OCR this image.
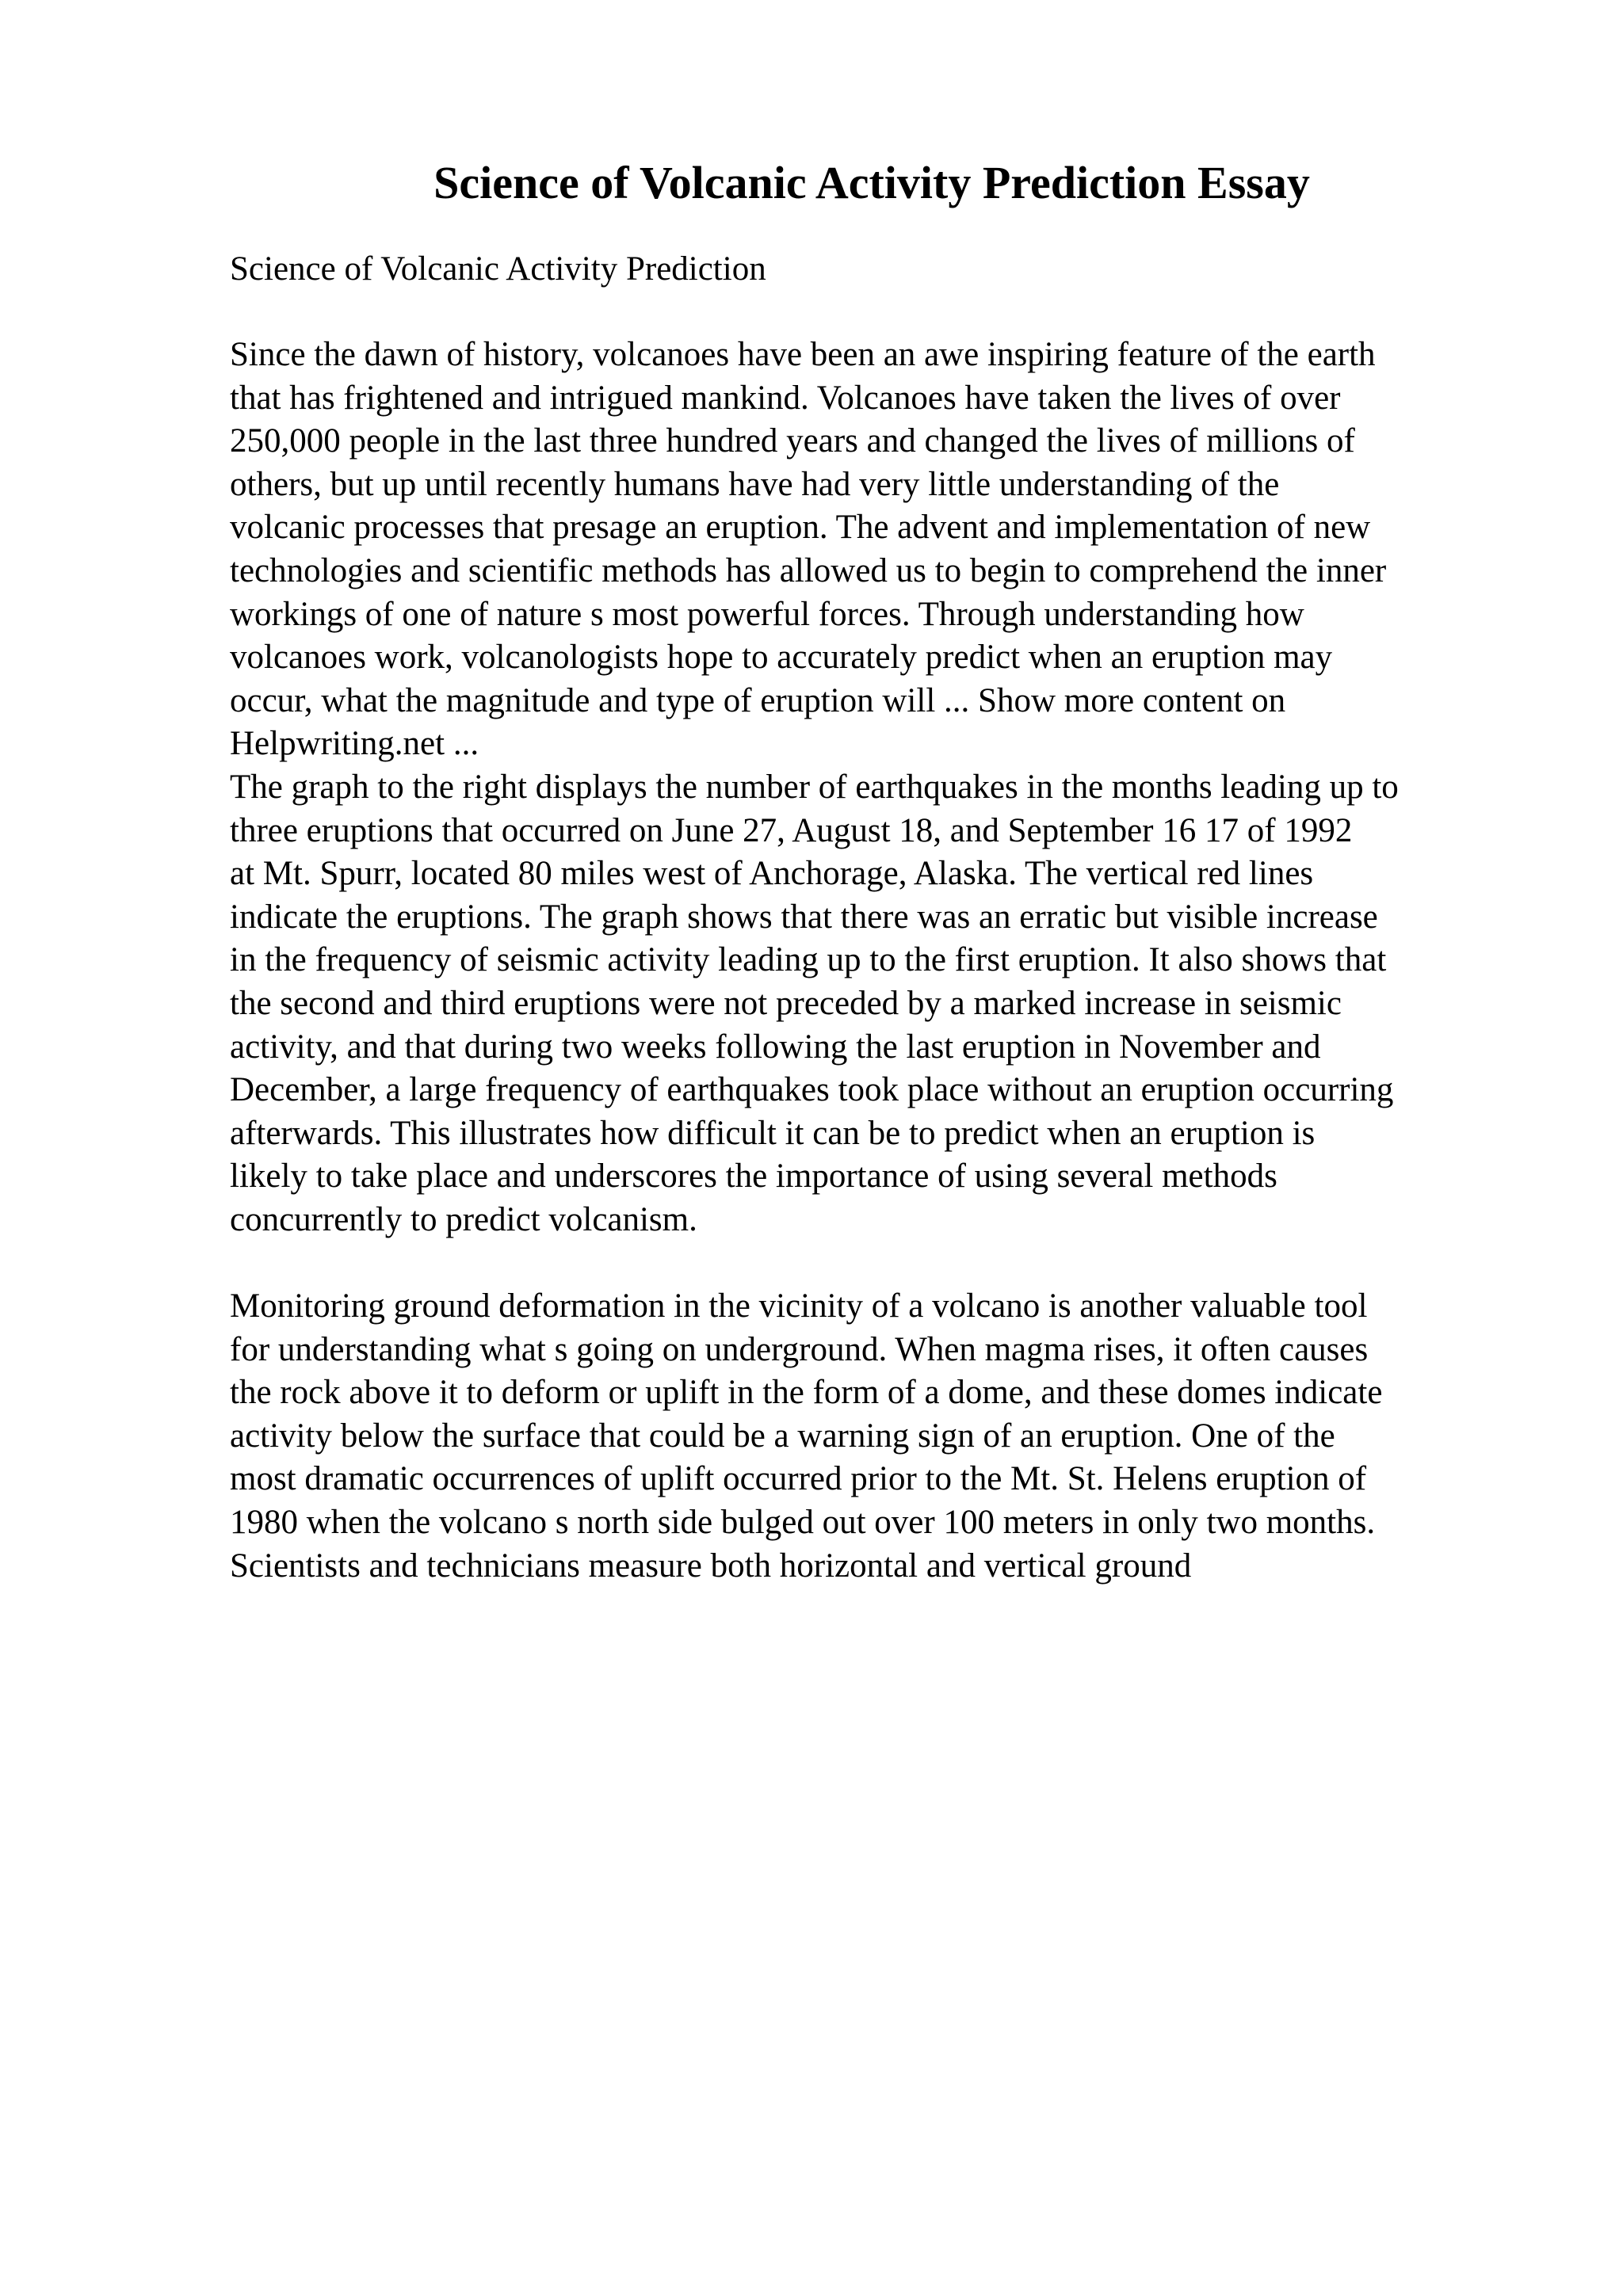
Science of Volcanic Activity Prediction Essay

Science of Volcanic Activity Prediction

Since the dawn of history, volcanoes have been an awe inspiring feature of the earth
that has frightened and intrigued mankind. Volcanoes have taken the lives of over
250,000 people in the last three hundred years and changed the lives of millions of
others, but up until recently humans have had very little understanding of the
volcanic processes that presage an eruption. The advent and implementation of new
technologies and scientific methods has allowed us to begin to comprehend the inner
workings of one of nature s most powerful forces. Through understanding how
volcanoes work, volcanologists hope to accurately predict when an eruption may
occur, what the magnitude and type of eruption will ... Show more content on
Helpwriting.net ...
The graph to the right displays the number of earthquakes in the months leading up to
three eruptions that occurred on June 27, August 18, and September 16 17 of 1992
at Mt. Spurr, located 80 miles west of Anchorage, Alaska. The vertical red lines
indicate the eruptions. The graph shows that there was an erratic but visible increase
in the frequency of seismic activity leading up to the first eruption. It also shows that
the second and third eruptions were not preceded by a marked increase in seismic
activity, and that during two weeks following the last eruption in November and
December, a large frequency of earthquakes took place without an eruption occurring
afterwards. This illustrates how difficult it can be to predict when an eruption is
likely to take place and underscores the importance of using several methods
concurrently to predict volcanism.
Monitoring ground deformation in the vicinity of a volcano is another valuable tool
for understanding what s going on underground. When magma rises, it often causes
the rock above it to deform or uplift in the form of a dome, and these domes indicate
activity below the surface that could be a warning sign of an eruption. One of the
most dramatic occurrences of uplift occurred prior to the Mt. St. Helens eruption of
1980 when the volcano s north side bulged out over 100 meters in only two months.
Scientists and technicians measure both horizontal and vertical ground
